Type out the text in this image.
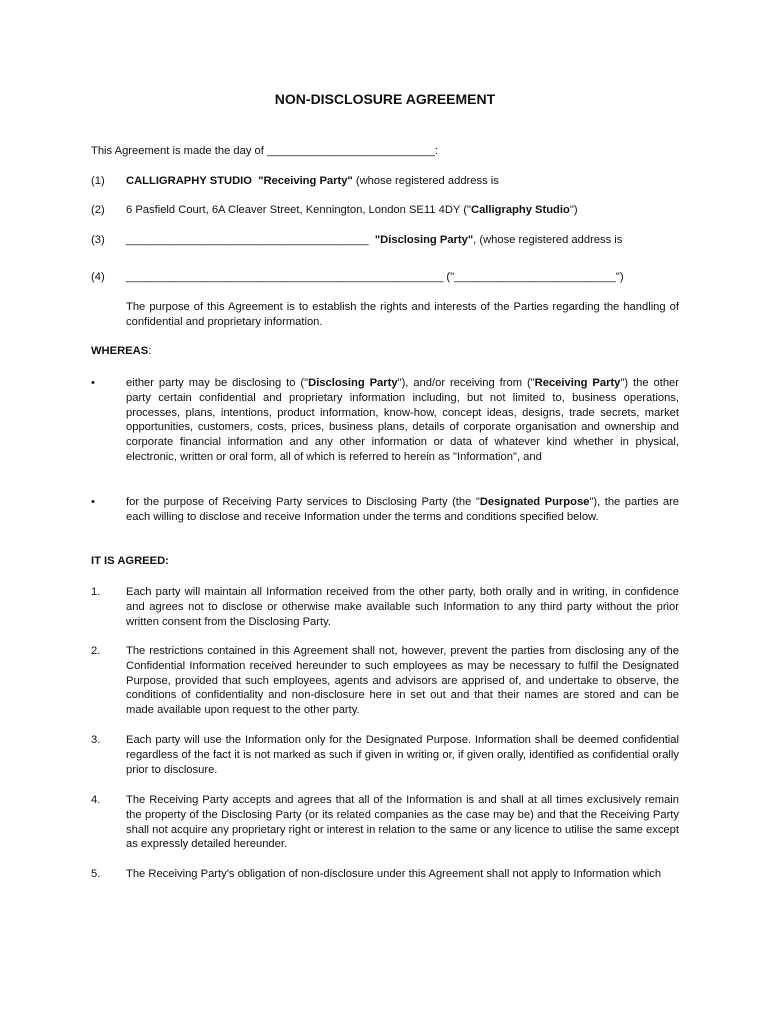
NON-DISCLOSURE AGREEMENT
This Agreement is made the day of ___________________________:
(1) CALLIGRAPHY STUDIO "Receiving Party" (whose registered address is
(2) 6 Pasfield Court, 6A Cleaver Street, Kennington, London SE11 4DY ("Calligraphy Studio")
(3) _______________________________________ "Disclosing Party", (whose registered address is
(4) ___________________________________________________ ("__________________________")
The purpose of this Agreement is to establish the rights and interests of the Parties regarding the handling of confidential and proprietary information.
WHEREAS:
•	either party may be disclosing to ("Disclosing Party"), and/or receiving from ("Receiving Party") the other party certain confidential and proprietary information including, but not limited to, business operations, processes, plans, intentions, product information, know-how, concept ideas, designs, trade secrets, market opportunities, customers, costs, prices, business plans, details of corporate organisation and ownership and corporate financial information and any other information or data of whatever kind whether in physical, electronic, written or oral form, all of which is referred to herein as "Information", and
•	for the purpose of Receiving Party services to Disclosing Party (the "Designated Purpose"), the parties are each willing to disclose and receive Information under the terms and conditions specified below.
IT IS AGREED:
1. Each party will maintain all Information received from the other party, both orally and in writing, in confidence and agrees not to disclose or otherwise make available such Information to any third party without the prior written consent from the Disclosing Party.
2. The restrictions contained in this Agreement shall not, however, prevent the parties from disclosing any of the Confidential Information received hereunder to such employees as may be necessary to fulfil the Designated Purpose, provided that such employees, agents and advisors are apprised of, and undertake to observe, the conditions of confidentiality and non-disclosure here in set out and that their names are stored and can be made available upon request to the other party.
3. Each party will use the Information only for the Designated Purpose. Information shall be deemed confidential regardless of the fact it is not marked as such if given in writing or, if given orally, identified as confidential orally prior to disclosure.
4. The Receiving Party accepts and agrees that all of the Information is and shall at all times exclusively remain the property of the Disclosing Party (or its related companies as the case may be) and that the Receiving Party shall not acquire any proprietary right or interest in relation to the same or any licence to utilise the same except as expressly detailed hereunder.
5. The Receiving Party's obligation of non-disclosure under this Agreement shall not apply to Information which
